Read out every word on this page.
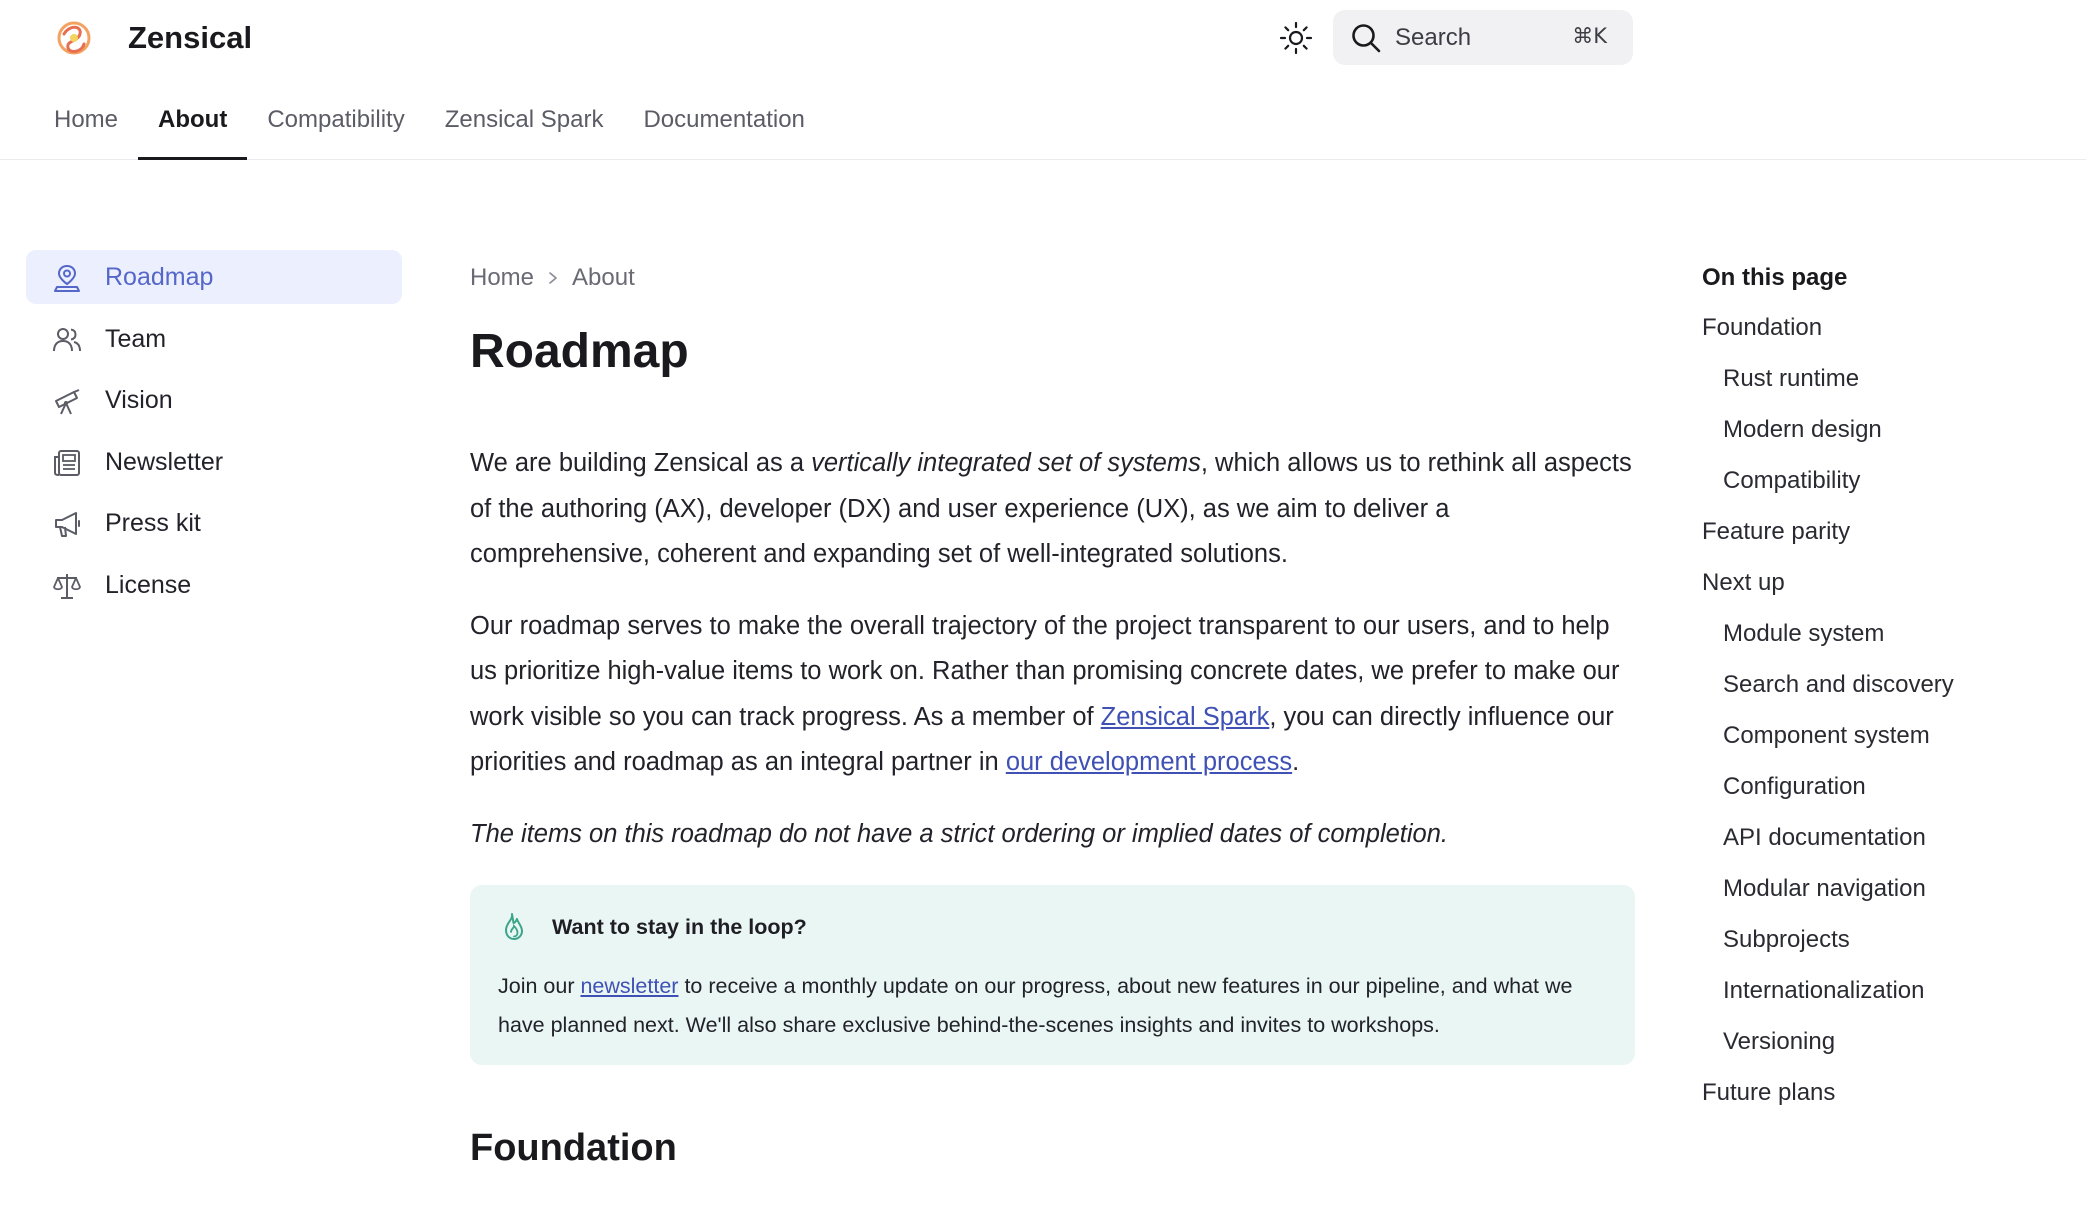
Zensical	Search	⌘K
Home	About	Compatibility	Zensical Spark	Documentation
Roadmap
Team
Vision
Newsletter
Press kit
License
Home About
Roadmap

We are building Zensical as a vertically integrated set of systems, which allows us to rethink all aspects of the authoring (AX), developer (DX) and user experience (UX), as we aim to deliver a comprehensive, coherent and expanding set of well-integrated solutions.

Our roadmap serves to make the overall trajectory of the project transparent to our users, and to help us prioritize high-value items to work on. Rather than promising concrete dates, we prefer to make our work visible so you can track progress. As a member of Zensical Spark, you can directly influence our priorities and roadmap as an integral partner in our development process.

The items on this roadmap do not have a strict ordering or implied dates of completion.

Want to stay in the loop?
Join our newsletter to receive a monthly update on our progress, about new features in our pipeline, and what we have planned next. We'll also share exclusive behind-the-scenes insights and invites to workshops.
Foundation
On this page
Foundation
Rust runtime
Modern design
Compatibility
Feature parity
Next up
Module system
Search and discovery
Component system
Configuration
API documentation
Modular navigation
Subprojects
Internationalization
Versioning
Future plans
